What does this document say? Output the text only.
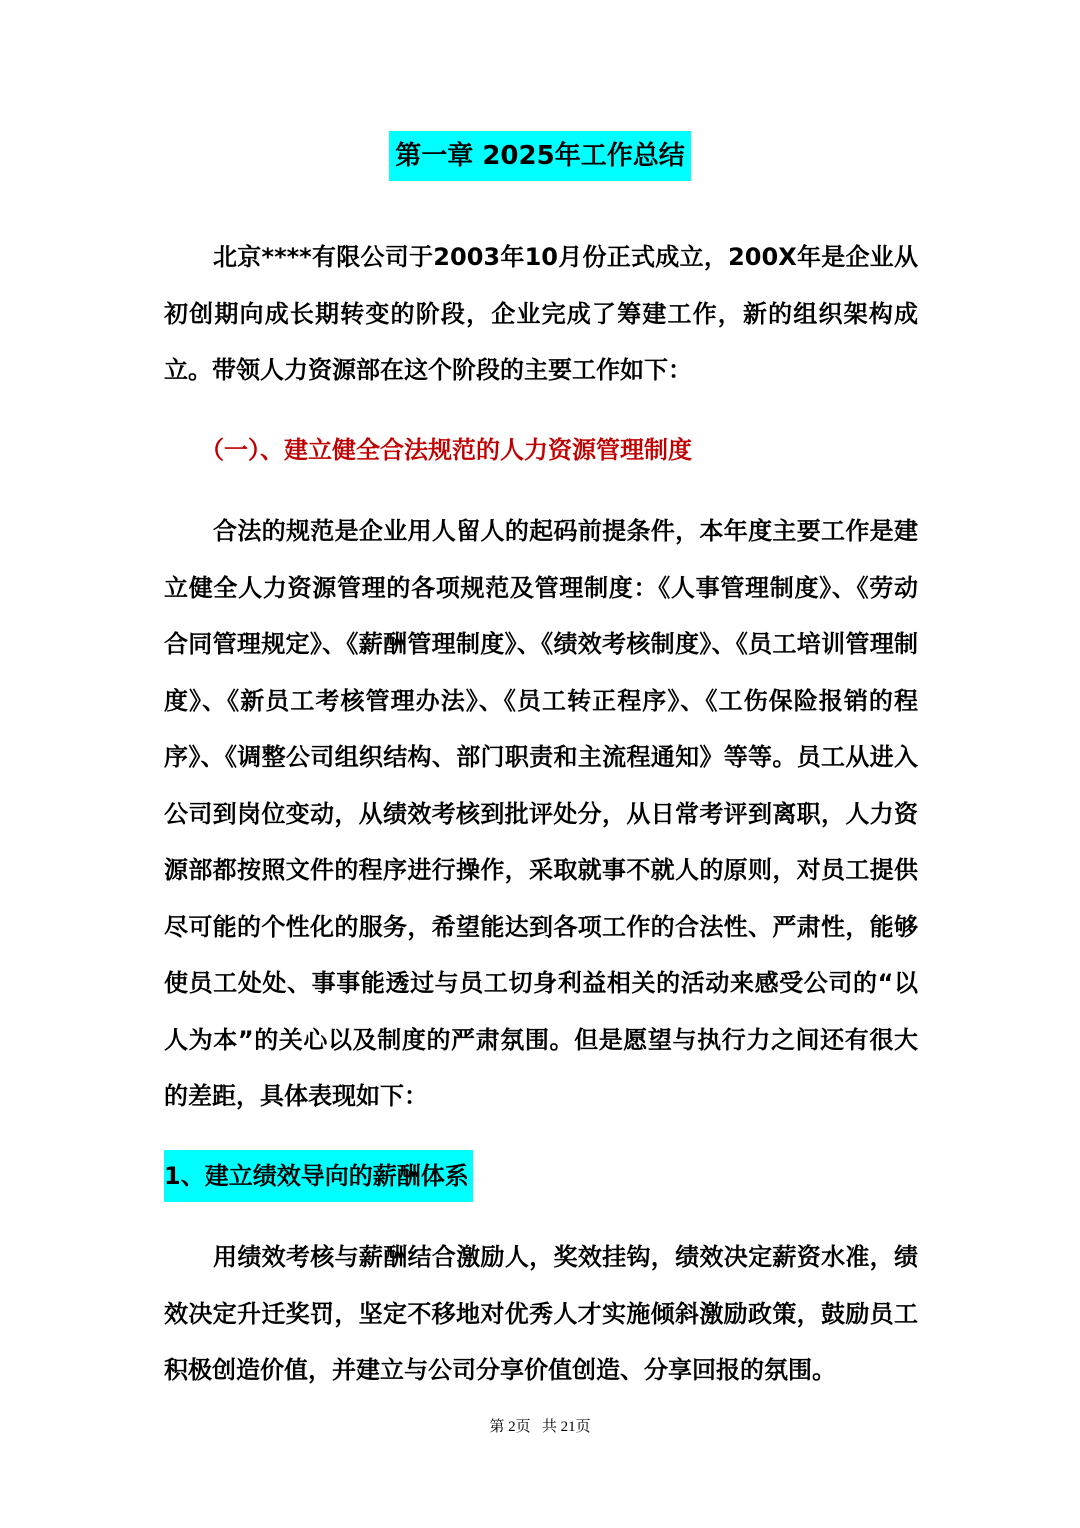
第一章 2025年工作总结

北京****有限公司于2003年10月份正式成立，200X年是企业从初创期向成长期转变的阶段，企业完成了筹建工作，新的组织架构成立。带领人力资源部在这个阶段的主要工作如下：

（一）、建立健全合法规范的人力资源管理制度

合法的规范是企业用人留人的起码前提条件，本年度主要工作是建立健全人力资源管理的各项规范及管理制度：《人事管理制度》、《劳动合同管理规定》、《薪酬管理制度》、《绩效考核制度》、《员工培训管理制度》、《新员工考核管理办法》、《员工转正程序》、《工伤保险报销的程序》、《调整公司组织结构、部门职责和主流程通知》等等。员工从进入公司到岗位变动，从绩效考核到批评处分，从日常考评到离职，人力资源部都按照文件的程序进行操作，采取就事不就人的原则，对员工提供尽可能的个性化的服务，希望能达到各项工作的合法性、严肃性，能够使员工处处、事事能透过与员工切身利益相关的活动来感受公司的“以人为本”的关心以及制度的严肃氛围。但是愿望与执行力之间还有很大的差距，具体表现如下：

1、建立绩效导向的薪酬体系

用绩效考核与薪酬结合激励人，奖效挂钩，绩效决定薪资水准，绩效决定升迁奖罚，坚定不移地对优秀人才实施倾斜激励政策，鼓励员工积极创造价值，并建立与公司分享价值创造、分享回报的氛围。

第 2页 共 21页
